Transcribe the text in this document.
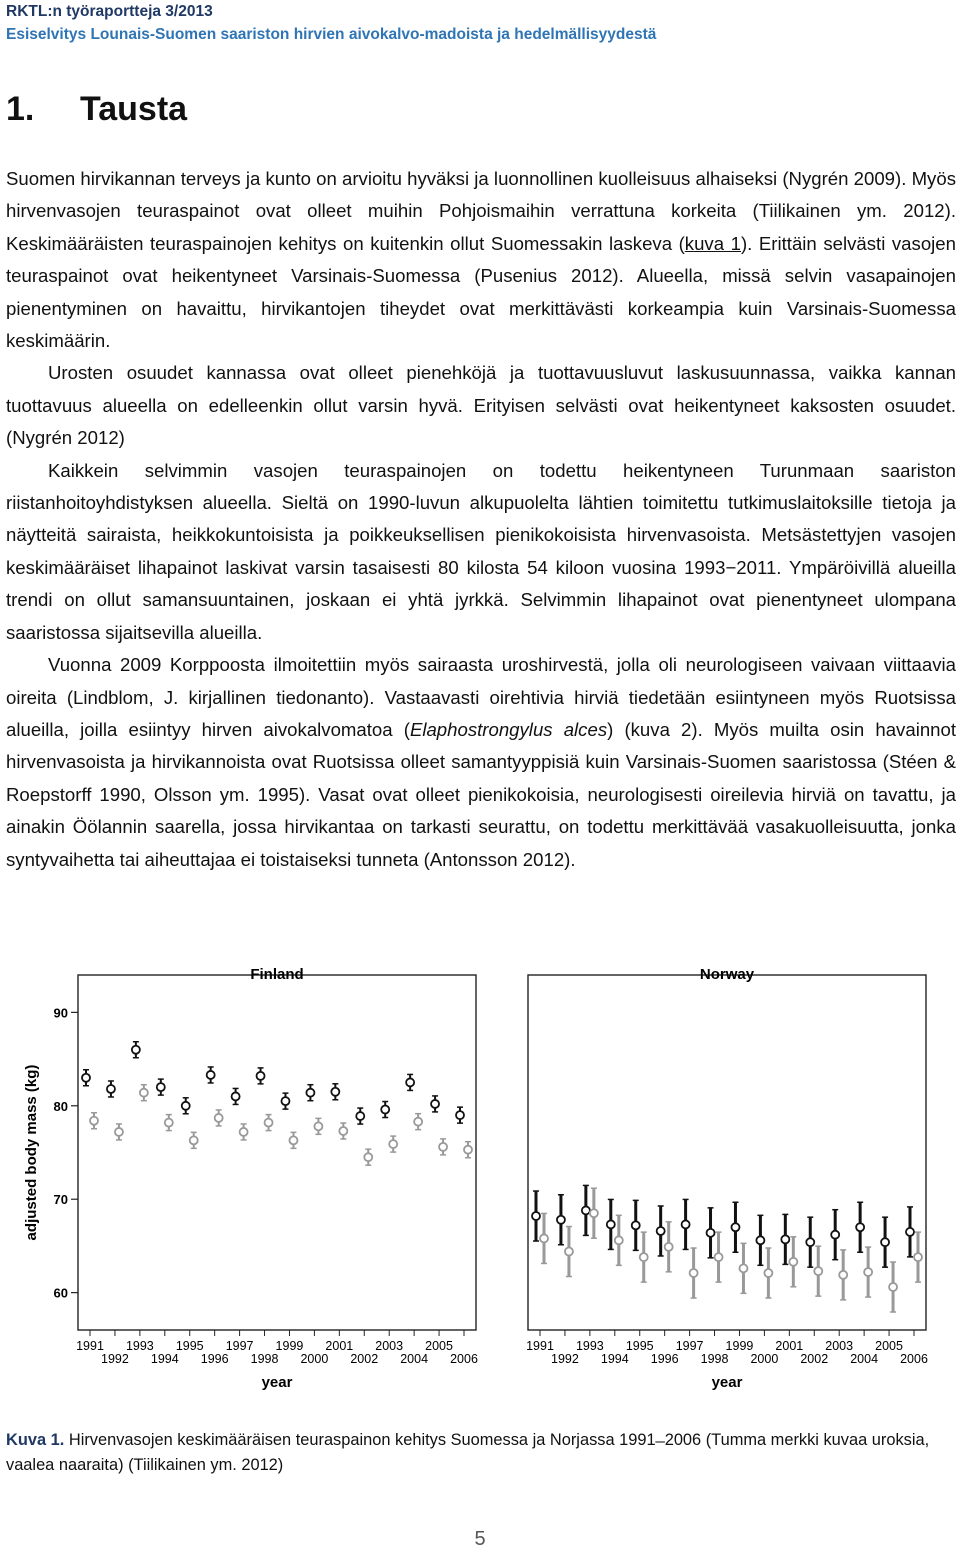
RKTL:n työraportteja 3/2013
Esiselvitys Lounais-Suomen saariston hirvien aivokalvo-madoista ja hedelmällisyydestä
1. Tausta

Suomen hirvikannan terveys ja kunto on arvioitu hyväksi ja luonnollinen kuolleisuus alhaiseksi (Nygrén 2009). Myös hirvenvasojen teuraspainot ovat olleet muihin Pohjoismaihin verrattuna korkeita (Tiilikainen ym. 2012). Keskimääräisten teuraspainojen kehitys on kuitenkin ollut Suomessakin laskeva (kuva 1). Erittäin selvästi vasojen teuraspainot ovat heikentyneet Varsinais-Suomessa (Pusenius 2012). Alueella, missä selvin vasapainojen pienentyminen on havaittu, hirvikantojen tiheydet ovat merkittävästi korkeampia kuin Varsinais-Suomessa keskimäärin.

Urosten osuudet kannassa ovat olleet pienehköjä ja tuottavuusluvut laskusuunnassa, vaikka kannan tuottavuus alueella on edelleenkin ollut varsin hyvä. Erityisen selvästi ovat heikentyneet kaksosten osuudet. (Nygrén 2012)

Kaikkein selvimmin vasojen teuraspainojen on todettu heikentyneen Turunmaan saariston riistanhoitoyhdistyksen alueella. Sieltä on 1990-luvun alkupuolelta lähtien toimitettu tutkimuslaitoksille tietoja ja näytteitä sairaista, heikkokuntoisista ja poikkeuksellisen pienikokoisista hirvenvasoista. Metsästettyjen vasojen keskimääräiset lihapainot laskivat varsin tasaisesti 80 kilosta 54 kiloon vuosina 1993−2011. Ympäröivillä alueilla trendi on ollut samansuuntainen, joskaan ei yhtä jyrkkä. Selvimmin lihapainot ovat pienentyneet ulompana saaristossa sijaitsevilla alueilla.

Vuonna 2009 Korppoosta ilmoitettiin myös sairaasta uroshirvestä, jolla oli neurologiseen vaivaan viittaavia oireita (Lindblom, J. kirjallinen tiedonanto). Vastaavasti oirehtivia hirviä tiedetään esiintyneen myös Ruotsissa alueilla, joilla esiintyy hirven aivokalvomatoa (Elaphostrongylus alces) (kuva 2). Myös muilta osin havainnot hirvenvasoista ja hirvikannoista ovat Ruotsissa olleet samantyyppisiä kuin Varsinais-Suomen saaristossa (Stéen & Roepstorff 1990, Olsson ym. 1995). Vasat ovat olleet pienikokoisia, neurologisesti oireilevia hirviä on tavattu, ja ainakin Öölannin saarella, jossa hirvikantaa on tarkasti seurattu, on todettu merkittävää vasakuolleisuutta, jonka syntyvaihetta tai aiheuttajaa ei toistaiseksi tunneta (Antonsson 2012).

Finland
60
70
80
90
adjusted body mass (kg)
1991 1993 1995 1997 1999 2001 2003 2005
1992 1994 1996 1998 2000 2002 2004 2006
year
Norway
1991 1993 1995 1997 1999 2001 2003 2005
1992 1994 1996 1998 2000 2002 2004 2006
year
Kuva 1. Hirvenvasojen keskimääräisen teuraspainon kehitys Suomessa ja Norjassa 1991 ̶ 2006 (Tumma merkki kuvaa uroksia, vaalea naaraita) (Tiilikainen ym. 2012)
5
